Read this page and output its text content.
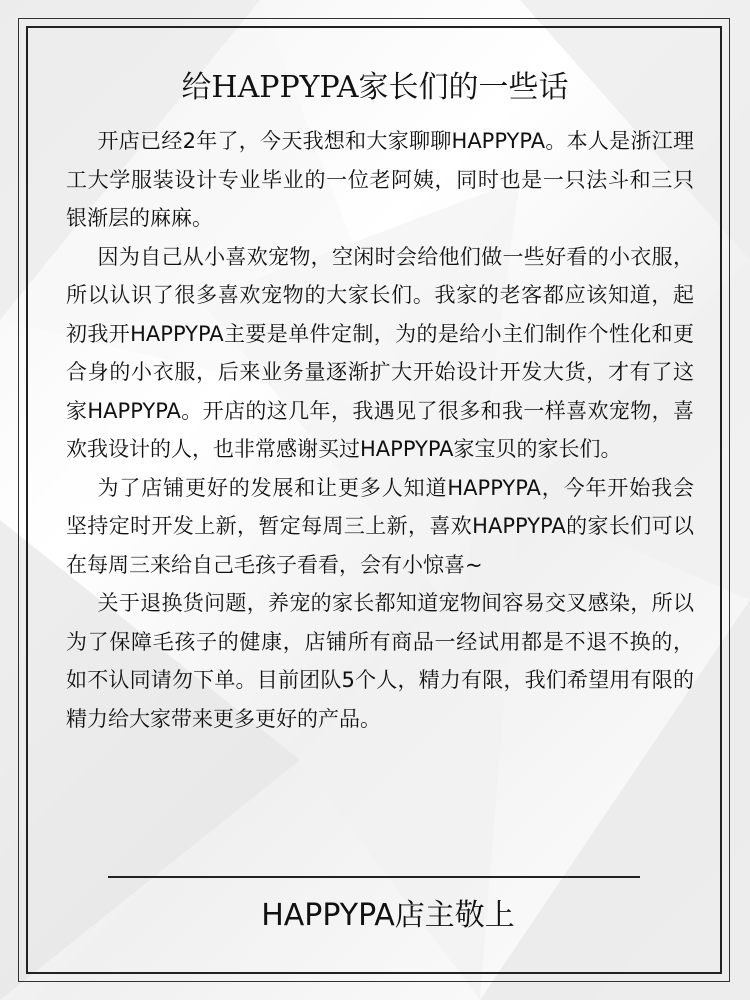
给HAPPYPA家长们的一些话

开店已经2年了，今天我想和大家聊聊HAPPYPA。本人是浙江理工大学服装设计专业毕业的一位老阿姨，同时也是一只法斗和三只银渐层的麻麻。

因为自己从小喜欢宠物，空闲时会给他们做一些好看的小衣服，所以认识了很多喜欢宠物的大家长们。我家的老客都应该知道，起初我开HAPPYPA主要是单件定制，为的是给小主们制作个性化和更合身的小衣服，后来业务量逐渐扩大开始设计开发大货，才有了这家HAPPYPA。开店的这几年，我遇见了很多和我一样喜欢宠物，喜欢我设计的人，也非常感谢买过HAPPYPA家宝贝的家长们。

为了店铺更好的发展和让更多人知道HAPPYPA，今年开始我会坚持定时开发上新，暂定每周三上新，喜欢HAPPYPA的家长们可以在每周三来给自己毛孩子看看，会有小惊喜~

关于退换货问题，养宠的家长都知道宠物间容易交叉感染，所以为了保障毛孩子的健康，店铺所有商品一经试用都是不退不换的，如不认同请勿下单。目前团队5个人，精力有限，我们希望用有限的精力给大家带来更多更好的产品。

HAPPYPA店主敬上
